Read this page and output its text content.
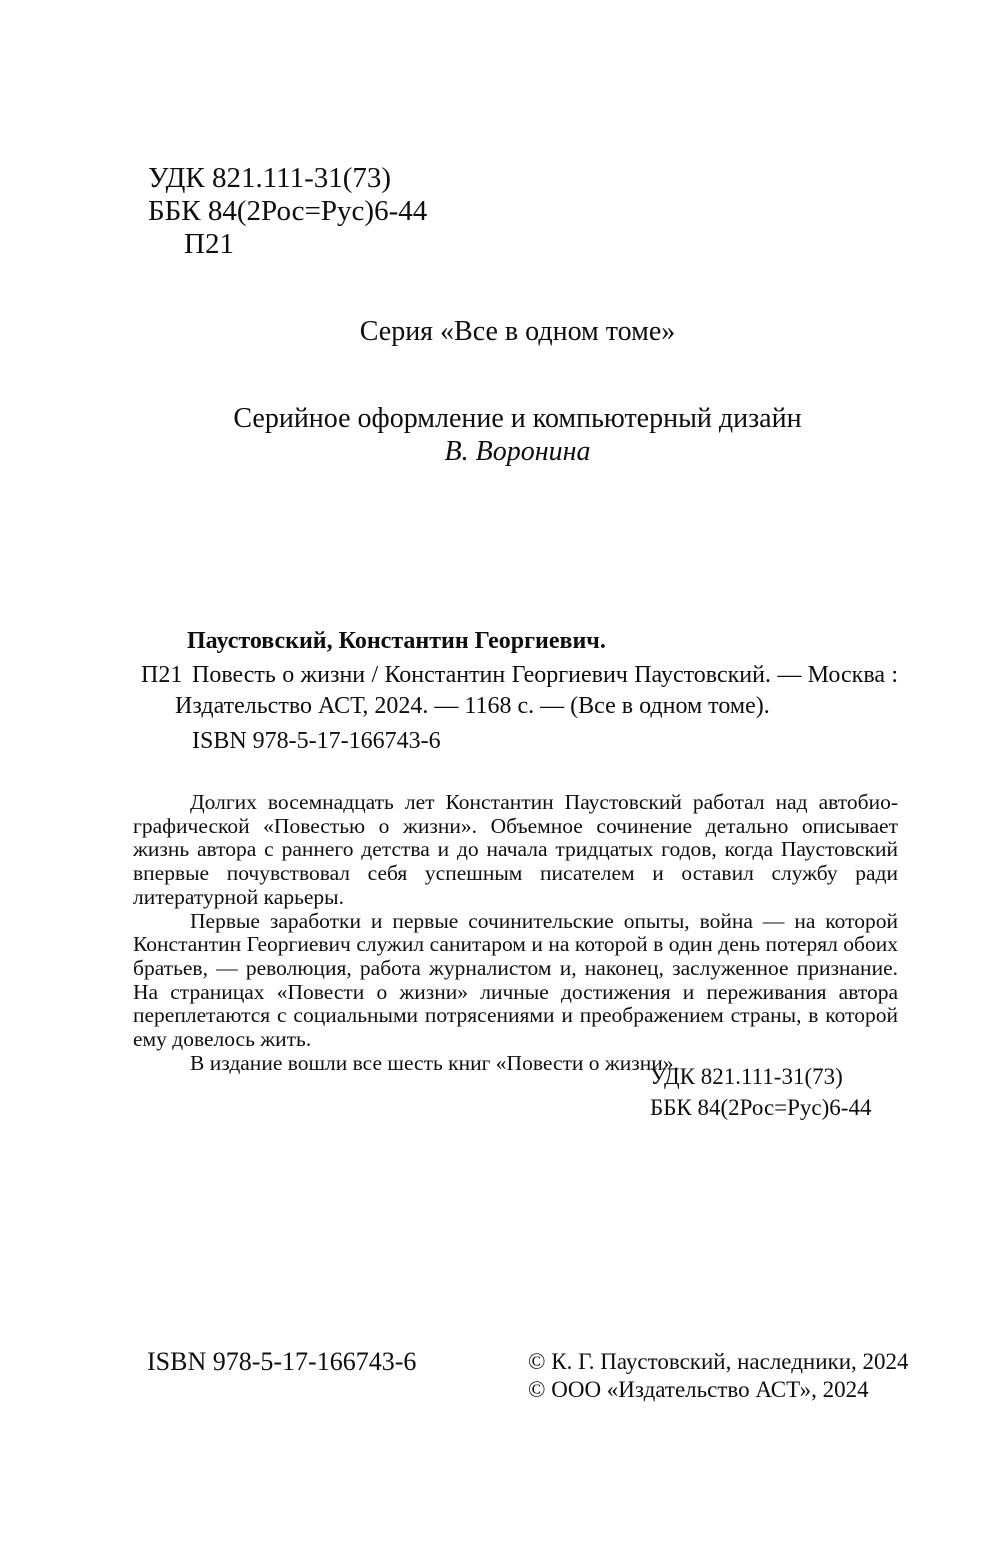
УДК 821.111-31(73)
ББК 84(2Рос=Рус)6-44
П21
Серия «Все в одном томе»
Серийное оформление и компьютерный дизайн
В. Воронина
Паустовский, Константин Георгиевич.
П21 Повесть о жизни / Константин Георгиевич Паустовский. — Москва : Издательство АСТ, 2024. — 1168 с. — (Все в одном томе).
ISBN 978-5-17-166743-6

Долгих восемнадцать лет Константин Паустовский работал над автобиографической «Повестью о жизни». Объемное сочинение детально описывает жизнь автора с раннего детства и до начала тридцатых годов, когда Паустовский впервые почувствовал себя успешным писателем и оставил службу ради литературной карьеры.

Первые заработки и первые сочинительские опыты, война — на которой Константин Георгиевич служил санитаром и на которой в один день потерял обоих братьев, — революция, работа журналистом и, наконец, заслуженное признание. На страницах «Повести о жизни» личные достижения и переживания автора переплетаются с социальными потрясениями и преображением страны, в которой ему довелось жить.

В издание вошли все шесть книг «Повести о жизни».

УДК 821.111-31(73)
ББК 84(2Рос=Рус)6-44
ISBN 978-5-17-166743-6	© К. Г. Паустовский, наследники, 2024
© ООО «Издательство АСТ», 2024
